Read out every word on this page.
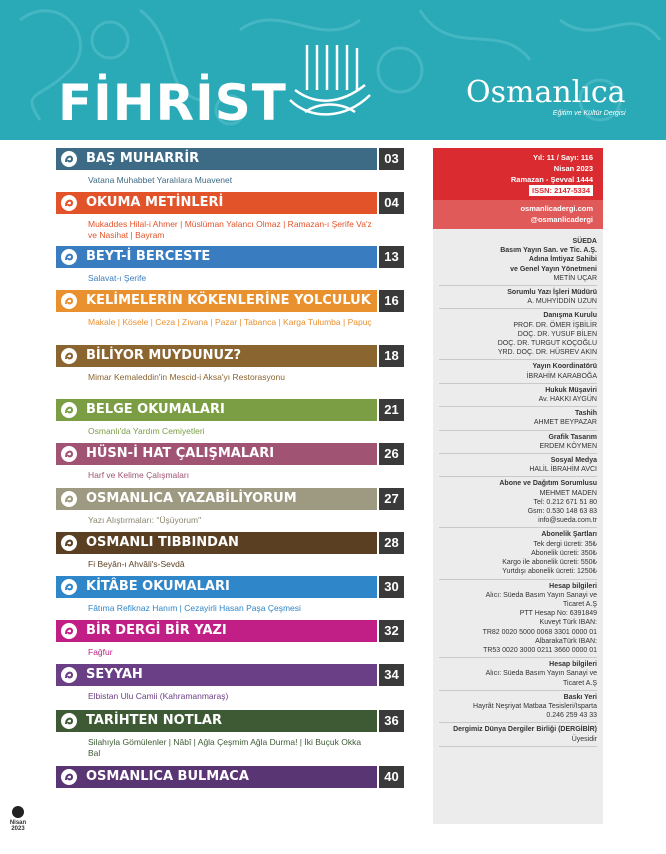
FİHRİST	Osmanlıca
Eğitim ve Kültür Dergisi
BAŞ MUHARRİR	03
Vatana Muhabbet Yaralılara Muavenet
OKUMA METİNLERİ	04
Mukaddes Hilal-i Ahmer | Müslüman Yalancı Olmaz | Ramazan-ı Şerife Va'z ve Nasihat | Bayram
BEYT-İ BERCESTE	13
Salavat-ı Şerife
KELİMELERİN KÖKENLERİNE YOLCULUK	16
Makale | Kösele | Ceza | Zıvana | Pazar | Tabanca | Karga Tulumba | Papuç
BİLİYOR MUYDUNUZ?	18
Mimar Kemaleddin'in Mescid-i Aksa'yı Restorasyonu
BELGE OKUMALARI	21
Osmanlı'da Yardım Cemiyetleri
HÜSN-İ HAT ÇALIŞMALARI	26
Harf ve Kelime Çalışmaları
OSMANLICA YAZABİLİYORUM	27
Yazı Alıştırmaları: "Üşüyorum"
OSMANLI TIBBINDAN	28
Fi Beyân-ı Ahvâli's-Sevdâ
KİTÂBE OKUMALARI	30
Fâtıma Refiknaz Hanım | Cezayirli Hasan Paşa Çeşmesi
BİR DERGİ BİR YAZI	32
Fağfur
SEYYAH	34
Elbistan Ulu Camii (Kahramanmaraş)
TARİHTEN NOTLAR	36
Silahıyla Gömülenler | Nâbî | Ağla Çeşmim Ağla Durma! | İki Buçuk Okka Bal
OSMANLICA BULMACA	40
Nisan
2023
Yıl: 11 / Sayı: 116
Nisan 2023
Ramazan - Şevval 1444
ISSN: 2147-5334
osmanlicadergi.com
@osmanlicadergi
SÜEDA
Basım Yayın San. ve Tic. A.Ş.
Adına İmtiyaz Sahibi
ve Genel Yayın Yönetmeni
METİN UÇAR
Sorumlu Yazı İşleri Müdürü
A. MUHYİDDİN UZUN
Danışma Kurulu
PROF. DR. ÖMER İŞBİLİR
DOÇ. DR. YUSUF BİLEN
DOÇ. DR. TURGUT KOÇOĞLU
YRD. DOÇ. DR. HÜSREV AKIN
Yayın Koordinatörü
İBRAHİM KARABOĞA
Hukuk Müşaviri
Av. HAKKI AYGÜN
Tashih
AHMET BEYPAZAR
Grafik Tasarım
ERDEM KÖYMEN
Sosyal Medya
HALİL İBRAHİM AVCI
Abone ve Dağıtım Sorumlusu
MEHMET MADEN
Tel: 0.212 671 51 80
Gsm: 0.530 148 63 83
info@sueda.com.tr
Abonelik Şartları
Tek dergi ücreti: 35₺
Abonelik ücreti: 350₺
Kargo ile abonelik ücreti: 550₺
Yurtdışı abonelik ücreti: 1250₺
Hesap bilgileri
Alıcı: Süeda Basım Yayın Sanayi ve
Ticaret A.Ş
PTT Hesap No: 6391849
Kuveyt Türk IBAN:
TR82 0020 5000 0068 3301 0000 01
AlbarakaTürk IBAN:
TR53 0020 3000 0211 3660 0000 01
Hesap bilgileri
Alıcı: Süeda Basım Yayın Sanayi ve
Ticaret A.Ş
Baskı Yeri
Hayrât Neşriyat Matbaa Tesisleri/Isparta
0.246 259 43 33
Dergimiz Dünya Dergiler Birliği (DERGİBİR)
Üyesidir
